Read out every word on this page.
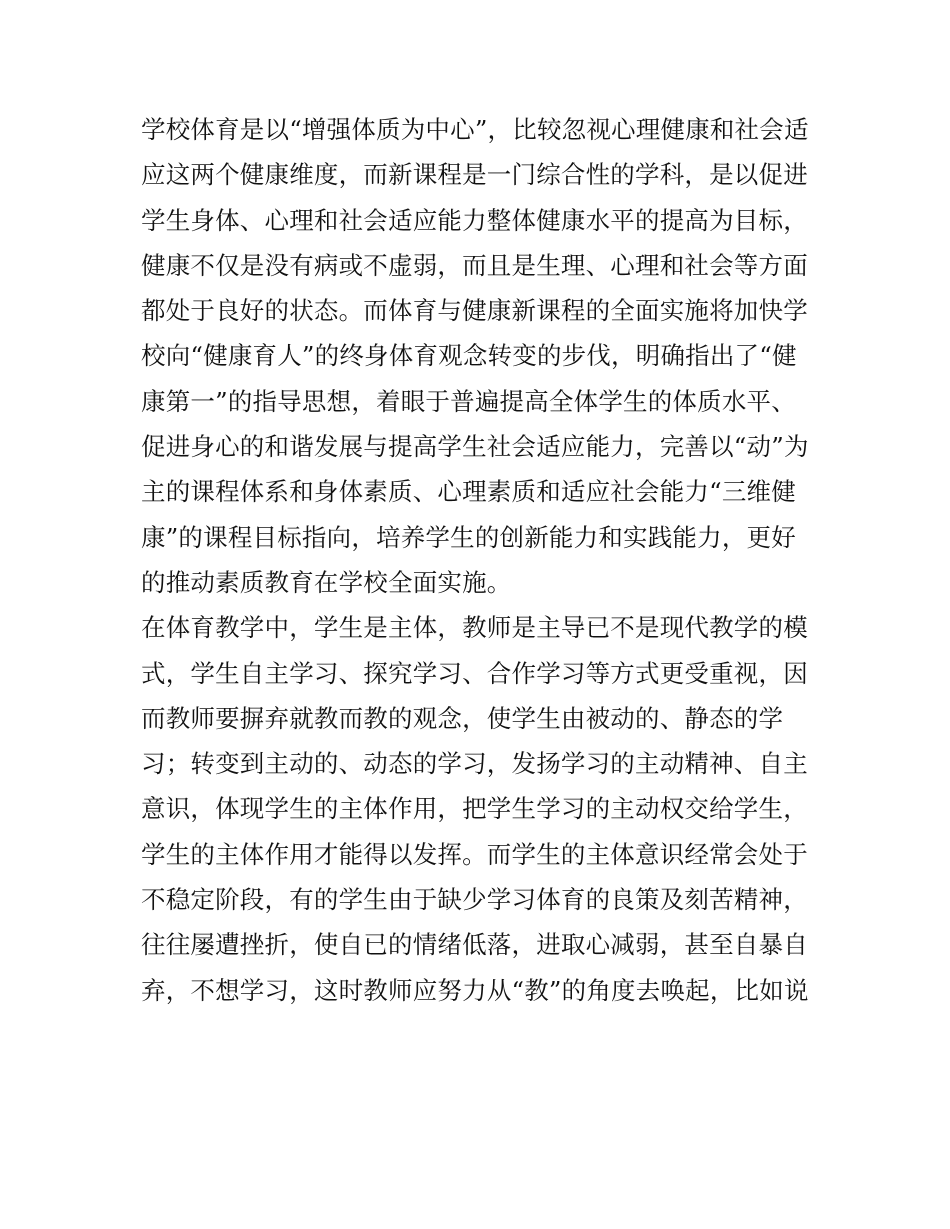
学校体育是以“增强体质为中心”，比较忽视心理健康和社会适
应这两个健康维度，而新课程是一门综合性的学科，是以促进
学生身体、心理和社会适应能力整体健康水平的提高为目标，
健康不仅是没有病或不虚弱，而且是生理、心理和社会等方面
都处于良好的状态。而体育与健康新课程的全面实施将加快学
校向“健康育人”的终身体育观念转变的步伐，明确指出了“健
康第一”的指导思想，着眼于普遍提高全体学生的体质水平、
促进身心的和谐发展与提高学生社会适应能力，完善以“动”为
主的课程体系和身体素质、心理素质和适应社会能力“三维健
康”的课程目标指向，培养学生的创新能力和实践能力，更好
的推动素质教育在学校全面实施。
在体育教学中，学生是主体，教师是主导已不是现代教学的模
式，学生自主学习、探究学习、合作学习等方式更受重视，因
而教师要摒弃就教而教的观念，使学生由被动的、静态的学
习；转变到主动的、动态的学习，发扬学习的主动精神、自主
意识，体现学生的主体作用，把学生学习的主动权交给学生，
学生的主体作用才能得以发挥。而学生的主体意识经常会处于
不稳定阶段，有的学生由于缺少学习体育的良策及刻苦精神，
往往屡遭挫折，使自已的情绪低落，进取心减弱，甚至自暴自
弃，不想学习，这时教师应努力从“教”的角度去唤起，比如说
